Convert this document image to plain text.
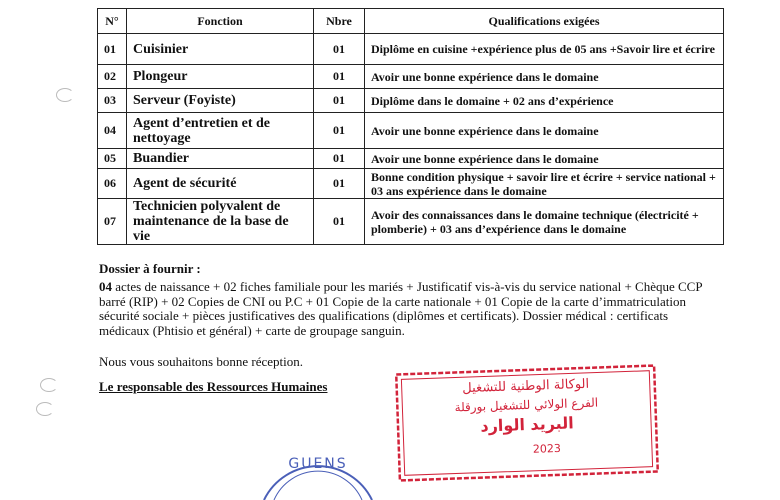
N°	Fonction	Nbre	Qualifications exigées
01	Cuisinier	01	Diplôme en cuisine +expérience plus de 05 ans +Savoir lire et écrire
02	Plongeur	01	Avoir une bonne expérience dans le domaine
03	Serveur (Foyiste)	01	Diplôme dans le domaine + 02 ans d’expérience
04	Agent d’entretien et de nettoyage	01	Avoir une bonne expérience dans le domaine
05	Buandier	01	Avoir une bonne expérience dans le domaine
06	Agent de sécurité	01	Bonne condition physique + savoir lire et écrire + service national + 03 ans expérience dans le domaine
07	Technicien polyvalent de maintenance de la base de vie	01	Avoir des connaissances dans le domaine technique (électricité + plomberie) + 03 ans d’expérience dans le domaine
Dossier à fournir :
04 actes de naissance + 02 fiches familiale pour les mariés + Justificatif vis-à-vis du service national + Chèque CCP barré (RIP) + 02 Copies de CNI ou P.C + 01 Copie de la carte nationale + 01 Copie de la carte d’immatriculation sécurité sociale + pièces justificatives des qualifications (diplômes et certificats). Dossier médical : certificats médicaux (Phtisio et général) + carte de groupage sanguin.
Nous vous souhaitons bonne réception.
Le responsable des Ressources Humaines	الوكالة الوطنية للتشغيل
الفرع الولائي للتشغيل بورقلة
البريد الوارد
2023
GUENS
